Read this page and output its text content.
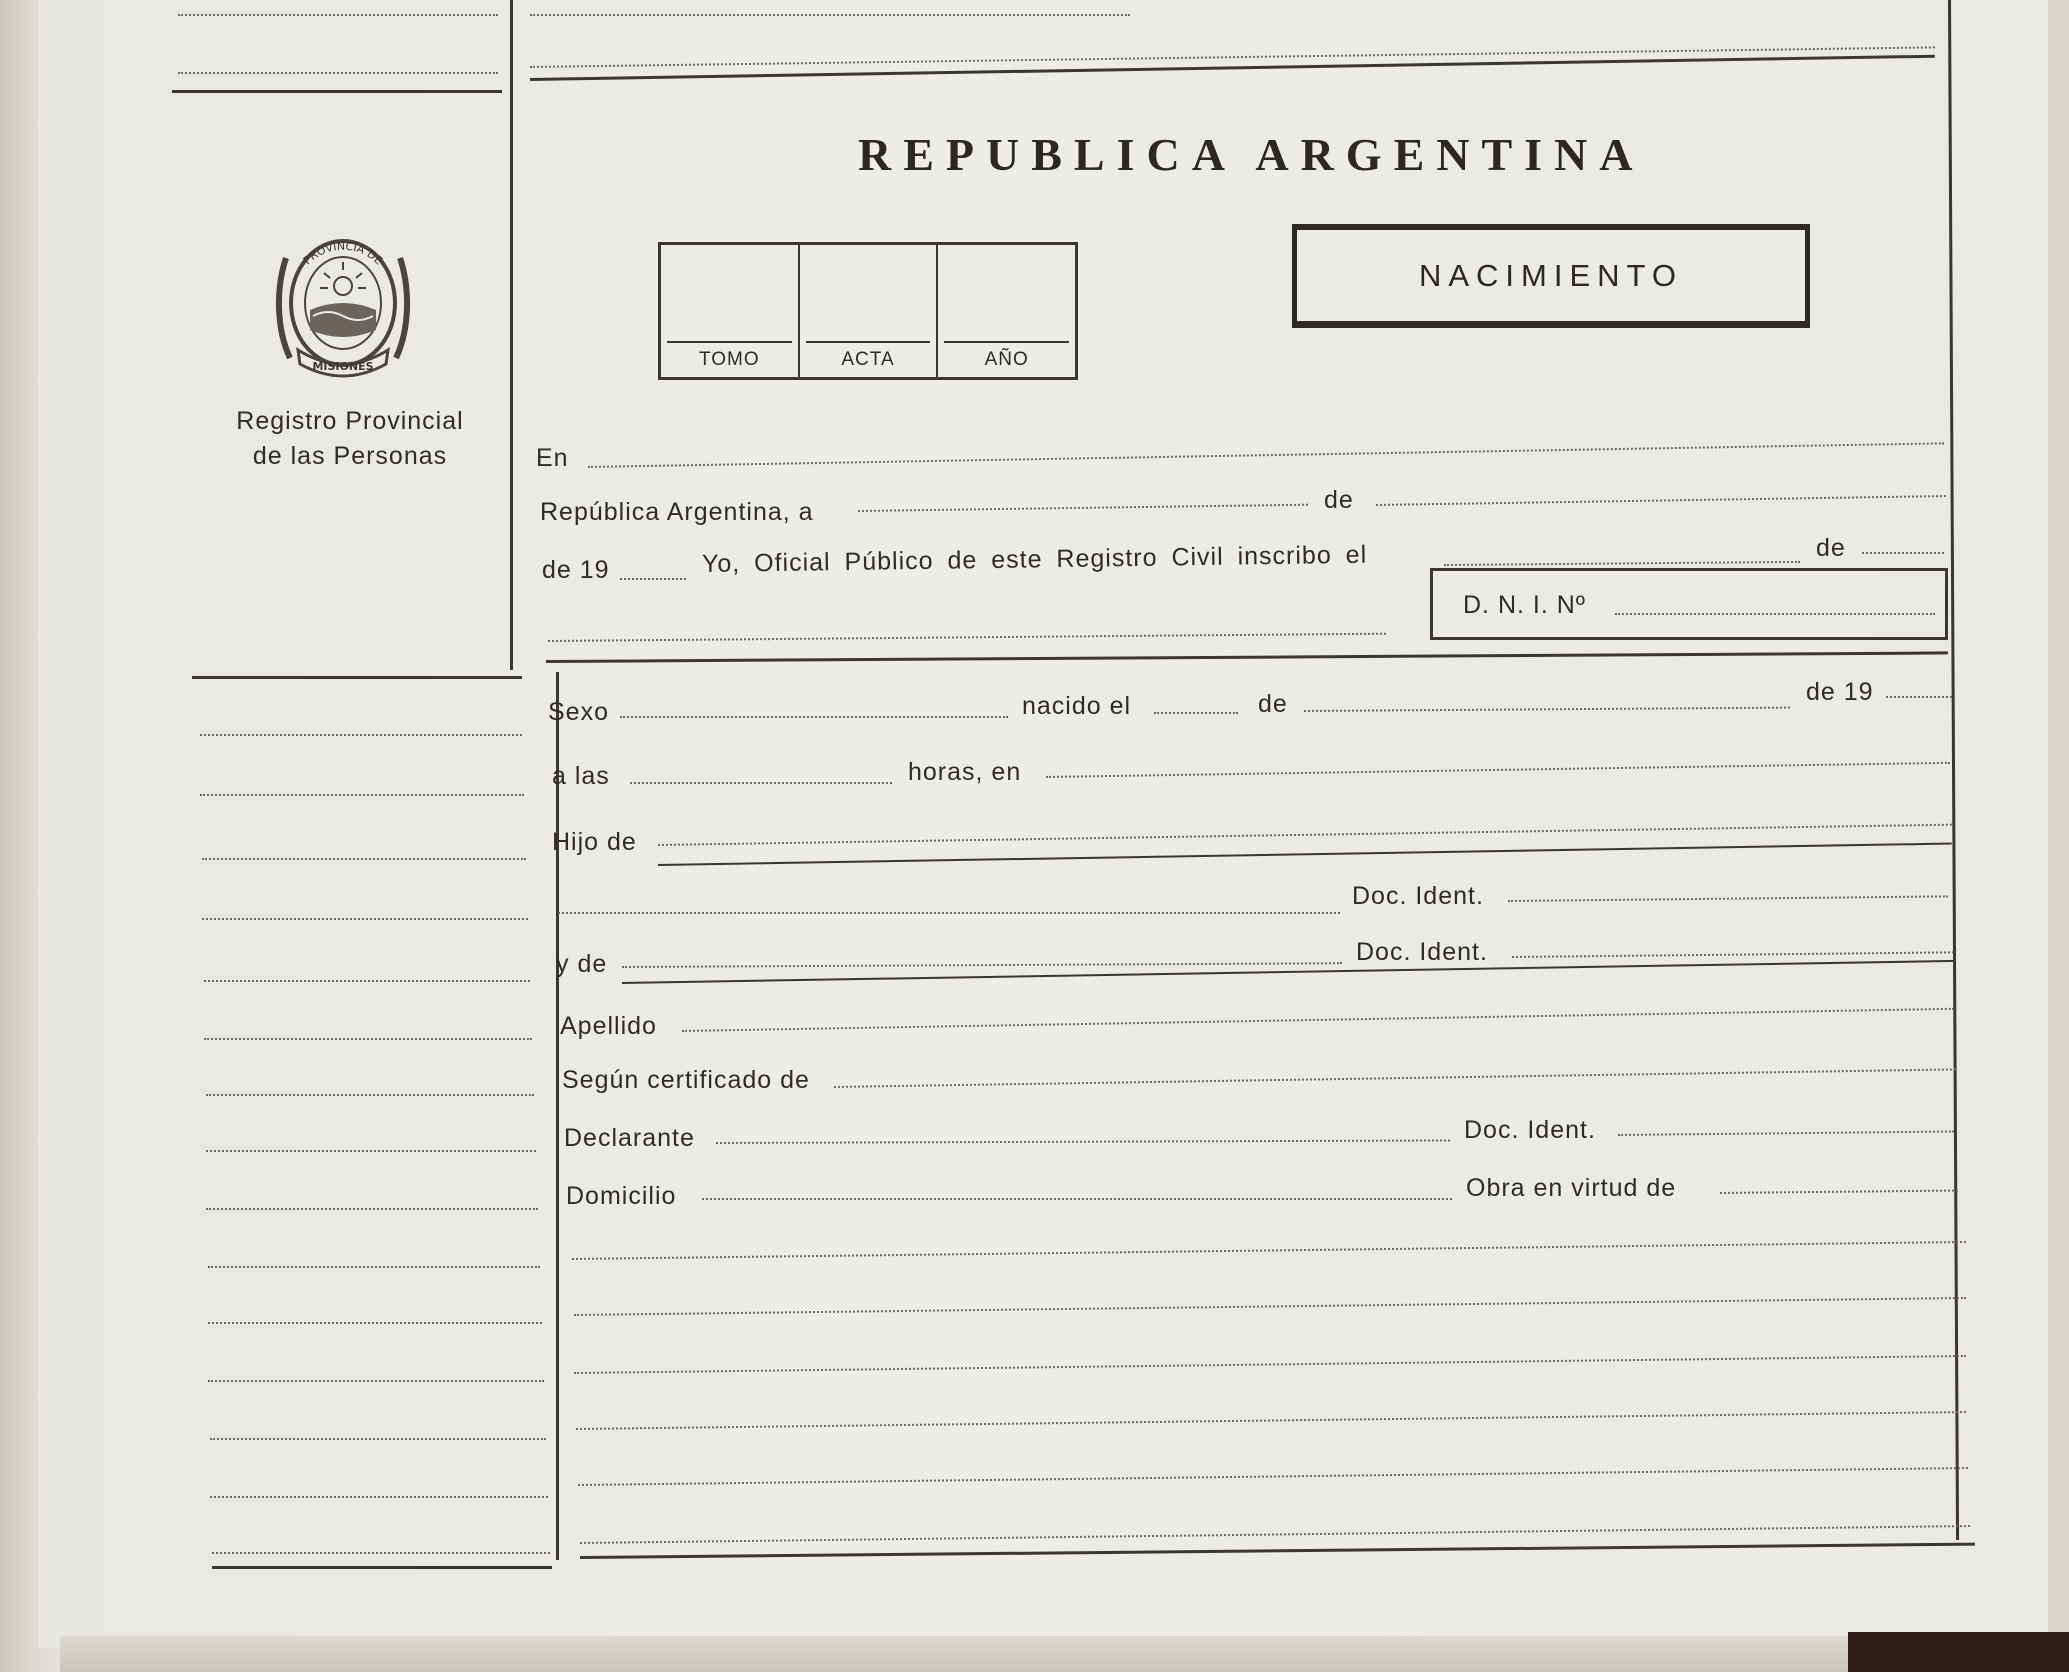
REPUBLICA ARGENTINA
TOMO	ACTA	AÑO
NACIMIENTO
PROVINCIA DE
MISIONES
Registro Provincial
de las Personas	En
República Argentina, a	de
de 19	Yo, Oficial Público de este Registro Civil inscribo el	de
D. N. I. Nº
Sexo	nacido el	de	de 19
a las	horas, en
Hijo de
Doc. Ident.
y de	Doc. Ident.
Apellido
Según certificado de
Declarante	Doc. Ident.
Domicilio	Obra en virtud de
